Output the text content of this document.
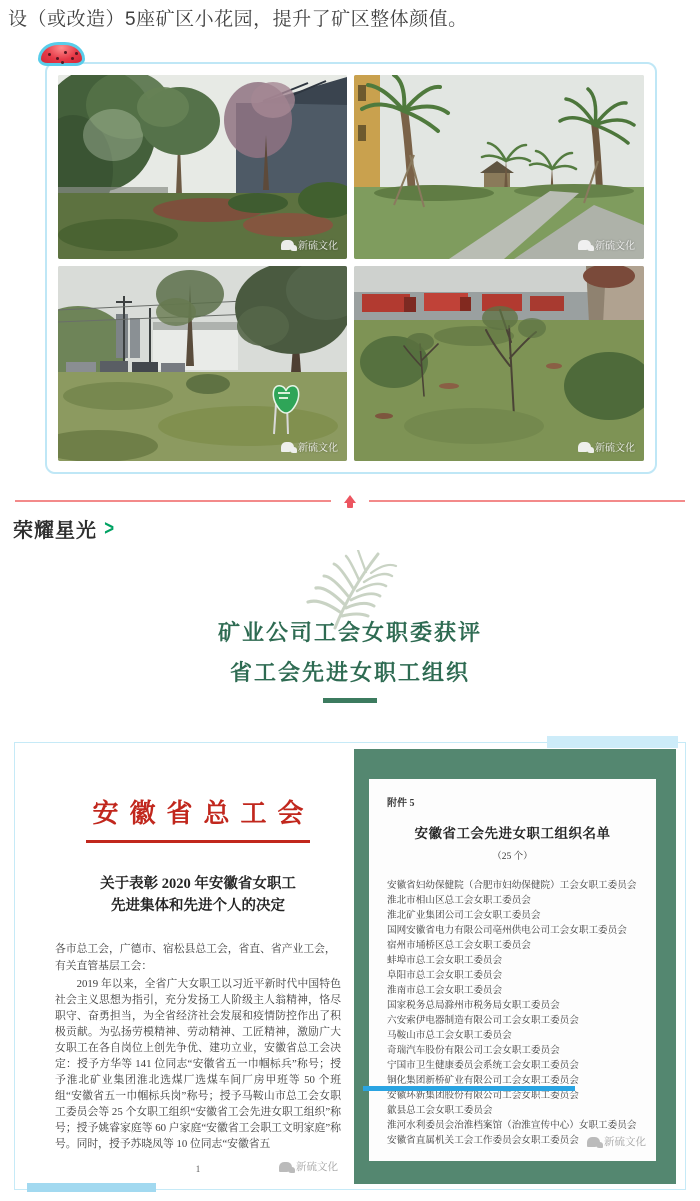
设（或改造）5座矿区小花园，提升了矿区整体颜值。

新硫文化	新硫文化
新硫文化	新硫文化
荣耀星光 >
矿业公司工会女职委获评
省工会先进女职工组织
安徽省总工会
关于表彰 2020 年安徽省女职工
先进集体和先进个人的决定

各市总工会，广德市、宿松县总工会，省直、省产业工会，有关直管基层工会：

2019 年以来，全省广大女职工以习近平新时代中国特色社会主义思想为指引，充分发扬工人阶级主人翁精神，恪尽职守、奋勇担当，为全省经济社会发展和疫情防控作出了积极贡献。为弘扬劳模精神、劳动精神、工匠精神，激励广大女职工在各自岗位上创先争优、建功立业，安徽省总工会决定：授予方华等 141 位同志“安徽省五一巾帼标兵”称号；授予淮北矿业集团淮北选煤厂选煤车间厂房甲班等 50 个班组“安徽省五一巾帼标兵岗”称号；授予马鞍山市总工会女职工委员会等 25 个女职工组织“安徽省工会先进女职工组织”称号；授予姚睿家庭等 60 户家庭“安徽省工会职工文明家庭”称号。同时，授予苏晓凤等 10 位同志“安徽省五

1	新硫文化
附件 5
安徽省工会先进女职工组织名单
（25 个）
安徽省妇幼保健院（合肥市妇幼保健院）工会女职工委员会
淮北市相山区总工会女职工委员会
淮北矿业集团公司工会女职工委员会
国网安徽省电力有限公司亳州供电公司工会女职工委员会
宿州市埇桥区总工会女职工委员会
蚌埠市总工会女职工委员会
阜阳市总工会女职工委员会
淮南市总工会女职工委员会
国家税务总局滁州市税务局女职工委员会
六安索伊电器制造有限公司工会女职工委员会
马鞍山市总工会女职工委员会
奇瑞汽车股份有限公司工会女职工委员会
宁国市卫生健康委员会系统工会女职工委员会
铜化集团新桥矿业有限公司工会女职工委员会
安徽环新集团股份有限公司工会女职工委员会
歙县总工会女职工委员会
淮河水利委员会治淮档案馆（治淮宣传中心）女职工委员会
安徽省直属机关工会工作委员会女职工委员会	新硫文化
